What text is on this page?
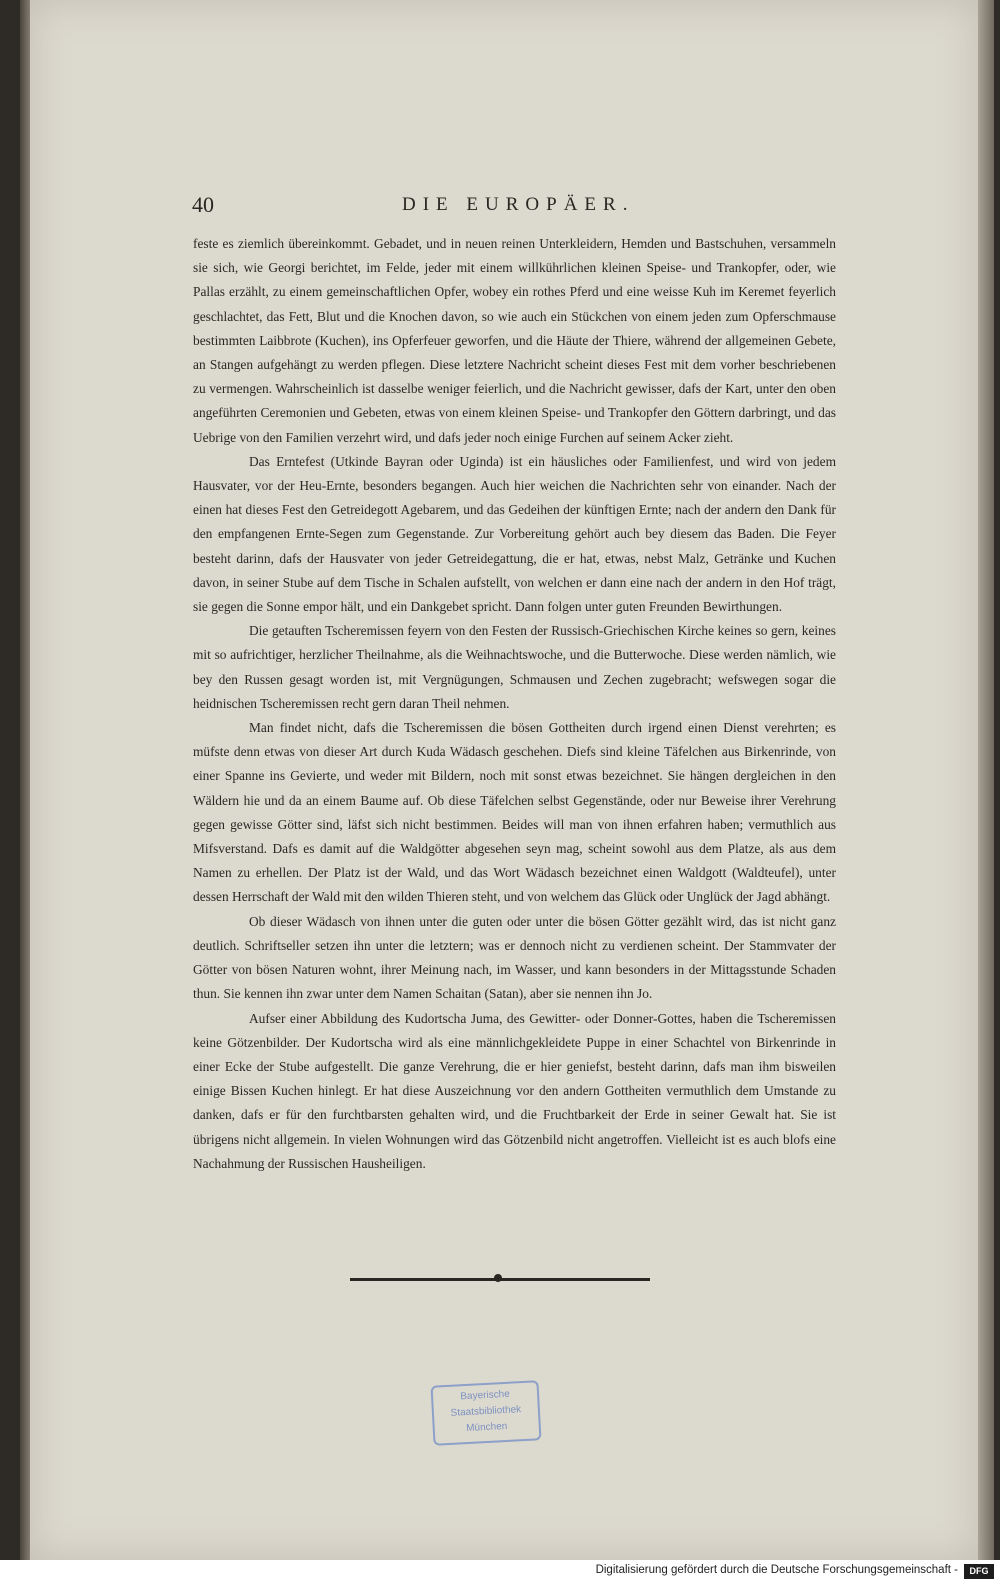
40	DIE EUROPÄER.

feste es ziemlich übereinkommt. Gebadet, und in neuen reinen Unterkleidern, Hemden und Bastschuhen, versammeln sie sich, wie Georgi berichtet, im Felde, jeder mit einem willkührlichen kleinen Speise- und Trankopfer, oder, wie Pallas erzählt, zu einem gemeinschaftlichen Opfer, wobey ein rothes Pferd und eine weisse Kuh im Keremet feyerlich geschlachtet, das Fett, Blut und die Knochen davon, so wie auch ein Stückchen von einem jeden zum Opferschmause bestimmten Laibbrote (Kuchen), ins Opferfeuer geworfen, und die Häute der Thiere, während der allgemeinen Gebete, an Stangen aufgehängt zu werden pflegen. Diese letztere Nachricht scheint dieses Fest mit dem vorher beschriebenen zu vermengen. Wahrscheinlich ist dasselbe weniger feierlich, und die Nachricht gewisser, dafs der Kart, unter den oben angeführten Ceremonien und Gebeten, etwas von einem kleinen Speise- und Trankopfer den Göttern darbringt, und das Uebrige von den Familien verzehrt wird, und dafs jeder noch einige Furchen auf seinem Acker zieht.

Das Erntefest (Utkinde Bayran oder Uginda) ist ein häusliches oder Familienfest, und wird von jedem Hausvater, vor der Heu-Ernte, besonders begangen. Auch hier weichen die Nachrichten sehr von einander. Nach der einen hat dieses Fest den Getreidegott Agebarem, und das Gedeihen der künftigen Ernte; nach der andern den Dank für den empfangenen Ernte-Segen zum Gegenstande. Zur Vorbereitung gehört auch bey diesem das Baden. Die Feyer besteht darinn, dafs der Hausvater von jeder Getreidegattung, die er hat, etwas, nebst Malz, Getränke und Kuchen davon, in seiner Stube auf dem Tische in Schalen aufstellt, von welchen er dann eine nach der andern in den Hof trägt, sie gegen die Sonne empor hält, und ein Dankgebet spricht. Dann folgen unter guten Freunden Bewirthungen.

Die getauften Tscheremissen feyern von den Festen der Russisch-Griechischen Kirche keines so gern, keines mit so aufrichtiger, herzlicher Theilnahme, als die Weihnachtswoche, und die Butterwoche. Diese werden nämlich, wie bey den Russen gesagt worden ist, mit Vergnügungen, Schmausen und Zechen zugebracht; wefswegen sogar die heidnischen Tscheremissen recht gern daran Theil nehmen.

Man findet nicht, dafs die Tscheremissen die bösen Gottheiten durch irgend einen Dienst verehrten; es müfste denn etwas von dieser Art durch Kuda Wädasch geschehen. Diefs sind kleine Täfelchen aus Birkenrinde, von einer Spanne ins Gevierte, und weder mit Bildern, noch mit sonst etwas bezeichnet. Sie hängen dergleichen in den Wäldern hie und da an einem Baume auf. Ob diese Täfelchen selbst Gegenstände, oder nur Beweise ihrer Verehrung gegen gewisse Götter sind, läfst sich nicht bestimmen. Beides will man von ihnen erfahren haben; vermuthlich aus Mifsverstand. Dafs es damit auf die Waldgötter abgesehen seyn mag, scheint sowohl aus dem Platze, als aus dem Namen zu erhellen. Der Platz ist der Wald, und das Wort Wädasch bezeichnet einen Waldgott (Waldteufel), unter dessen Herrschaft der Wald mit den wilden Thieren steht, und von welchem das Glück oder Unglück der Jagd abhängt.

Ob dieser Wädasch von ihnen unter die guten oder unter die bösen Götter gezählt wird, das ist nicht ganz deutlich. Schriftseller setzen ihn unter die letztern; was er dennoch nicht zu verdienen scheint. Der Stammvater der Götter von bösen Naturen wohnt, ihrer Meinung nach, im Wasser, und kann besonders in der Mittagsstunde Schaden thun. Sie kennen ihn zwar unter dem Namen Schaitan (Satan), aber sie nennen ihn Jo.

Aufser einer Abbildung des Kudortscha Juma, des Gewitter- oder Donner-Gottes, haben die Tscheremissen keine Götzenbilder. Der Kudortscha wird als eine männlichgekleidete Puppe in einer Schachtel von Birkenrinde in einer Ecke der Stube aufgestellt. Die ganze Verehrung, die er hier geniefst, besteht darinn, dafs man ihm bisweilen einige Bissen Kuchen hinlegt. Er hat diese Auszeichnung vor den andern Gottheiten vermuthlich dem Umstande zu danken, dafs er für den furchtbarsten gehalten wird, und die Fruchtbarkeit der Erde in seiner Gewalt hat. Sie ist übrigens nicht allgemein. In vielen Wohnungen wird das Götzenbild nicht angetroffen. Vielleicht ist es auch blofs eine Nachahmung der Russischen Hausheiligen.

Bayerische
Staatsbibliothek
München
Digitalisierung gefördert durch die Deutsche Forschungsgemeinschaft -	DFG
